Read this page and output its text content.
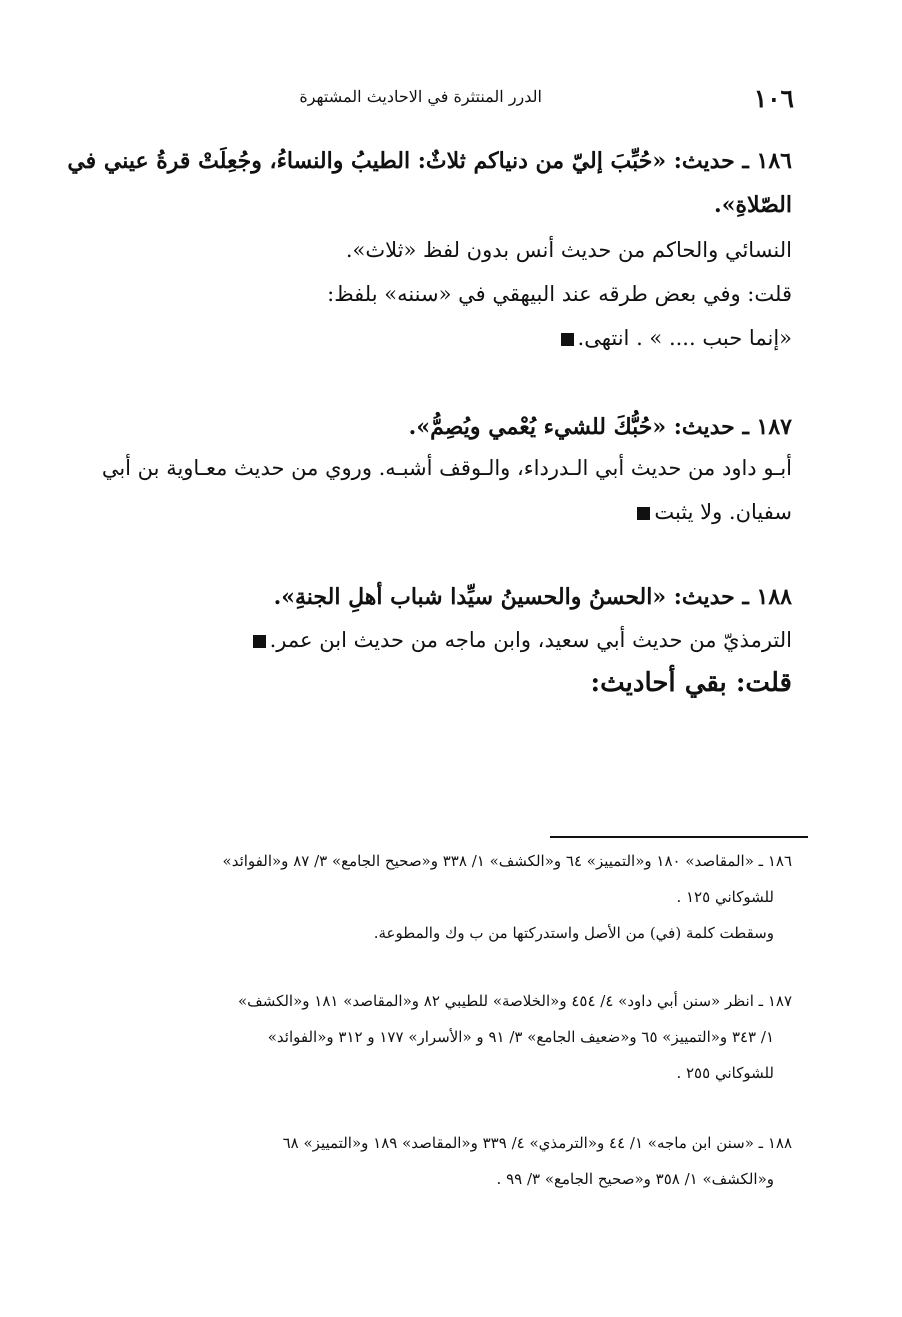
١٠٦
الدرر المنتثرة في الاحاديث المشتهرة
١٨٦ ـ حديث: «حُبِّبَ إليّ من دنياكم ثلاثٌ: الطيبُ والنساءُ، وجُعِلَتْ قرةُ عيني في
الصّلاةِ».
النسائي والحاكم من حديث أنس بدون لفظ «ثلاث».
قلت: وفي بعض طرقه عند البيهقي في «سننه» بلفظ:
«إنما حبب .... » . انتهى.
١٨٧ ـ حديث: «حُبُّكَ للشيء يُعْمي ويُصِمُّ».
أبـو داود من حديث أبي الـدرداء، والـوقف أشبـه. وروي من حديث معـاوية بن أبي
سفيان. ولا يثبت
١٨٨ ـ حديث: «الحسنُ والحسينُ سيِّدا شباب أهلِ الجنةِ».
الترمذيّ من حديث أبي سعيد، وابن ماجه من حديث ابن عمر.
قلت: بقي أحاديث:
١٨٦ ـ «المقاصد» ١٨٠ و«التمييز» ٦٤ و«الكشف» ١/ ٣٣٨ و«صحيح الجامع» ٣/ ٨٧ و«الفوائد»
للشوكاني ١٢٥ .
وسقطت كلمة (في) من الأصل واستدركتها من ب وك والمطوعة.
١٨٧ ـ انظر «سنن أبي داود» ٤/ ٤٥٤ و«الخلاصة» للطيبي ٨٢ و«المقاصد» ١٨١ و«الكشف»
١/ ٣٤٣ و«التمييز» ٦٥ و«ضعيف الجامع» ٣/ ٩١ و «الأسرار» ١٧٧ و ٣١٢ و«الفوائد»
للشوكاني ٢٥٥ .
١٨٨ ـ «سنن ابن ماجه» ١/ ٤٤ و«الترمذي» ٤/ ٣٣٩ و«المقاصد» ١٨٩ و«التمييز» ٦٨
و«الكشف» ١/ ٣٥٨ و«صحيح الجامع» ٣/ ٩٩ .
